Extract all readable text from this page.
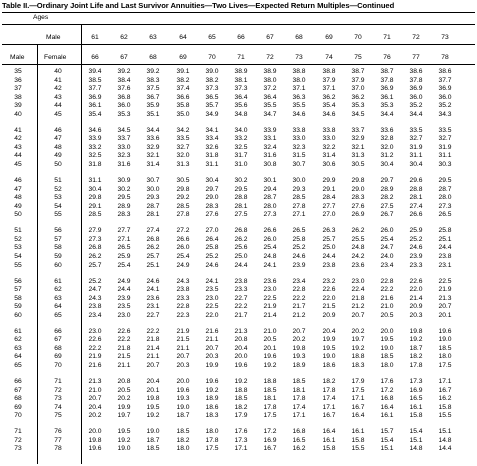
Table II.—Ordinary Joint Life and Last Survivor Annuities—Two Lives—Expected Return Multiples—Continued
Ages
Male
Male	Female
61	62	63	64	65	66	67	68	69	70	71	72	73
66	67	68	69	70	71	72	73	74	75	76	77	78
35	40	39.4	39.2	39.2	39.1	39.0	38.9	38.9	38.8	38.8	38.7	38.7	38.6	38.6
36	41	38.5	38.4	38.3	38.2	38.2	38.1	38.0	38.0	37.9	37.9	37.8	37.8	37.7
37	42	37.7	37.6	37.5	37.4	37.3	37.3	37.2	37.1	37.1	37.0	36.9	36.9	36.9
38	43	36.9	36.8	36.7	36.6	36.5	36.4	36.4	36.3	36.2	36.2	36.1	36.0	36.0
39	44	36.1	36.0	35.9	35.8	35.7	35.6	35.5	35.5	35.4	35.3	35.3	35.2	35.2
40	45	35.4	35.3	35.1	35.0	34.9	34.8	34.7	34.6	34.6	34.5	34.4	34.4	34.3
41	46	34.6	34.5	34.4	34.2	34.1	34.0	33.9	33.8	33.8	33.7	33.6	33.5	33.5
42	47	33.9	33.7	33.6	33.5	33.4	33.2	33.1	33.0	33.0	32.9	32.8	32.7	32.7
43	48	33.2	33.0	32.9	32.7	32.6	32.5	32.4	32.3	32.2	32.1	32.0	31.9	31.9
44	49	32.5	32.3	32.1	32.0	31.8	31.7	31.6	31.5	31.4	31.3	31.2	31.1	31.1
45	50	31.8	31.6	31.4	31.3	31.1	31.0	30.8	30.7	30.6	30.5	30.4	30.4	30.3
46	51	31.1	30.9	30.7	30.5	30.4	30.2	30.1	30.0	29.9	29.8	29.7	29.6	29.5
47	52	30.4	30.2	30.0	29.8	29.7	29.5	29.4	29.3	29.1	29.0	28.9	28.8	28.7
48	53	29.8	29.5	29.3	29.2	29.0	28.8	28.7	28.5	28.4	28.3	28.2	28.1	28.0
49	54	29.1	28.9	28.7	28.5	28.3	28.1	28.0	27.8	27.7	27.6	27.5	27.4	27.3
50	55	28.5	28.3	28.1	27.8	27.6	27.5	27.3	27.1	27.0	26.9	26.7	26.6	26.5
51	56	27.9	27.7	27.4	27.2	27.0	26.8	26.6	26.5	26.3	26.2	26.0	25.9	25.8
52	57	27.3	27.1	26.8	26.6	26.4	26.2	26.0	25.8	25.7	25.5	25.4	25.2	25.1
53	58	26.8	26.5	26.2	26.0	25.8	25.6	25.4	25.2	25.0	24.8	24.7	24.6	24.4
54	59	26.2	25.9	25.7	25.4	25.2	25.0	24.8	24.6	24.4	24.2	24.0	23.9	23.8
55	60	25.7	25.4	25.1	24.9	24.6	24.4	24.1	23.9	23.8	23.6	23.4	23.3	23.1
56	61	25.2	24.9	24.6	24.3	24.1	23.8	23.6	23.4	23.2	23.0	22.8	22.6	22.5
57	62	24.7	24.4	24.1	23.8	23.5	23.3	23.0	22.8	22.6	22.4	22.2	22.0	21.9
58	63	24.3	23.9	23.6	23.3	23.0	22.7	22.5	22.2	22.0	21.8	21.6	21.4	21.3
59	64	23.8	23.5	23.1	22.8	22.5	22.2	21.9	21.7	21.5	21.2	21.0	20.9	20.7
60	65	23.4	23.0	22.7	22.3	22.0	21.7	21.4	21.2	20.9	20.7	20.5	20.3	20.1
61	66	23.0	22.6	22.2	21.9	21.6	21.3	21.0	20.7	20.4	20.2	20.0	19.8	19.6
62	67	22.6	22.2	21.8	21.5	21.1	20.8	20.5	20.2	19.9	19.7	19.5	19.2	19.0
63	68	22.2	21.8	21.4	21.1	20.7	20.4	20.1	19.8	19.5	19.2	19.0	18.7	18.5
64	69	21.9	21.5	21.1	20.7	20.3	20.0	19.6	19.3	19.0	18.8	18.5	18.2	18.0
65	70	21.6	21.1	20.7	20.3	19.9	19.6	19.2	18.9	18.6	18.3	18.0	17.8	17.5
66	71	21.3	20.8	20.4	20.0	19.6	19.2	18.8	18.5	18.2	17.9	17.6	17.3	17.1
67	72	21.0	20.5	20.1	19.6	19.2	18.8	18.5	18.1	17.8	17.5	17.2	16.9	16.7
68	73	20.7	20.2	19.8	19.3	18.9	18.5	18.1	17.8	17.4	17.1	16.8	16.5	16.2
69	74	20.4	19.9	19.5	19.0	18.6	18.2	17.8	17.4	17.1	16.7	16.4	16.1	15.8
70	75	20.2	19.7	19.2	18.7	18.3	17.9	17.5	17.1	16.7	16.4	16.1	15.8	15.5
71	76	20.0	19.5	19.0	18.5	18.0	17.6	17.2	16.8	16.4	16.1	15.7	15.4	15.1
72	77	19.8	19.2	18.7	18.2	17.8	17.3	16.9	16.5	16.1	15.8	15.4	15.1	14.8
73	78	19.6	19.0	18.5	18.0	17.5	17.1	16.7	16.2	15.8	15.5	15.1	14.8	14.4
